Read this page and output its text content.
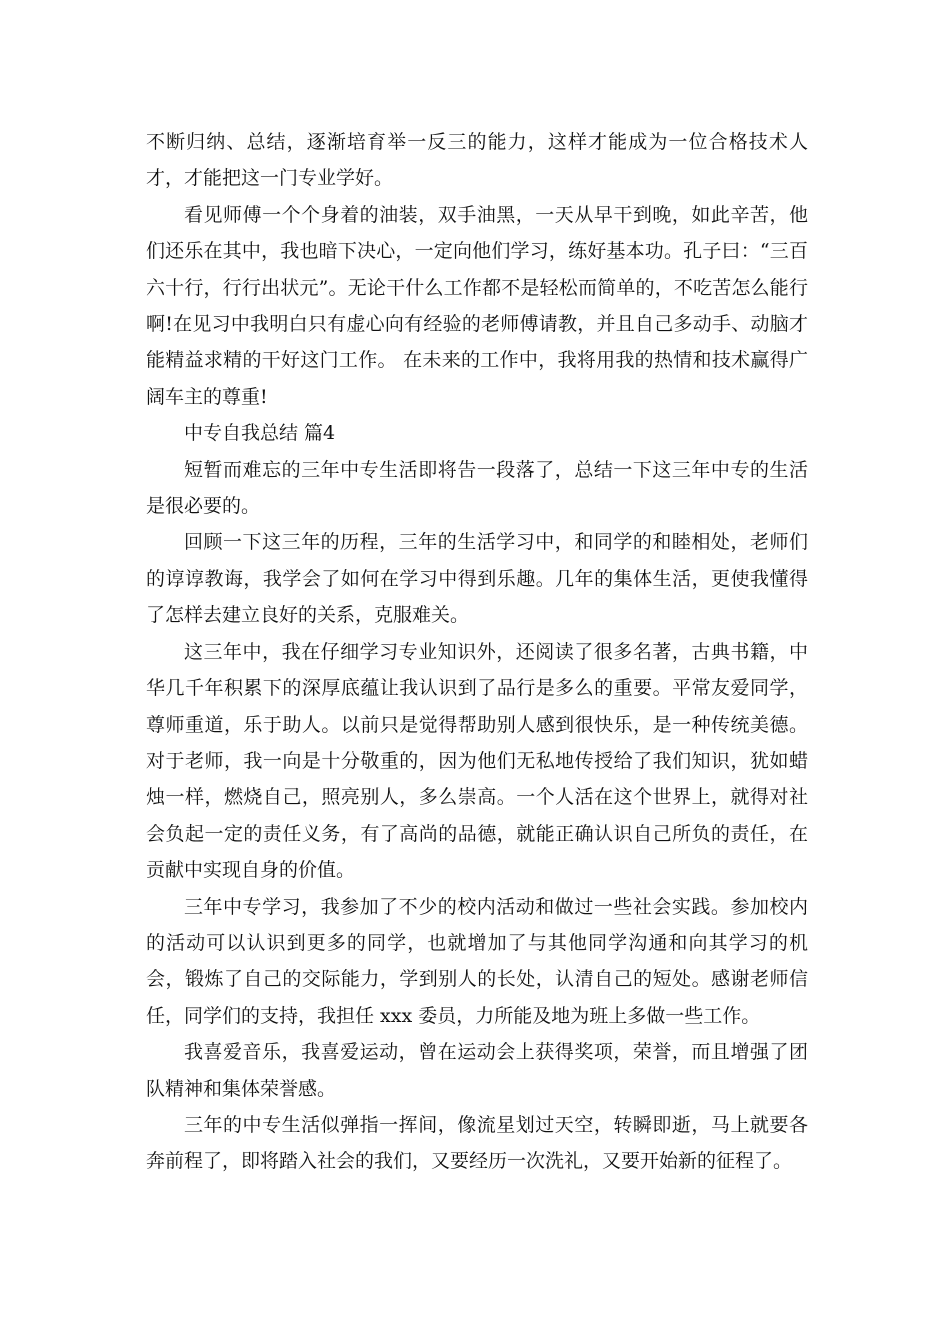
不断归纳、总结，逐渐培育举一反三的能力，这样才能成为一位合格技术人才，才能把这一门专业学好。

看见师傅一个个身着的油装，双手油黑，一天从早干到晚，如此辛苦，他们还乐在其中，我也暗下决心，一定向他们学习，练好基本功。孔子曰：“三百六十行，行行出状元”。无论干什么工作都不是轻松而简单的，不吃苦怎么能行啊!在见习中我明白只有虚心向有经验的老师傅请教，并且自己多动手、动脑才能精益求精的干好这门工作。 在未来的工作中，我将用我的热情和技术赢得广阔车主的尊重!

中专自我总结 篇4

短暂而难忘的三年中专生活即将告一段落了，总结一下这三年中专的生活是很必要的。

回顾一下这三年的历程，三年的生活学习中，和同学的和睦相处，老师们的谆谆教诲，我学会了如何在学习中得到乐趣。几年的集体生活，更使我懂得了怎样去建立良好的关系，克服难关。

这三年中，我在仔细学习专业知识外，还阅读了很多名著，古典书籍，中华几千年积累下的深厚底蕴让我认识到了品行是多么的重要。平常友爱同学，尊师重道，乐于助人。以前只是觉得帮助别人感到很快乐，是一种传统美德。对于老师，我一向是十分敬重的，因为他们无私地传授给了我们知识，犹如蜡烛一样，燃烧自己，照亮别人，多么崇高。一个人活在这个世界上，就得对社会负起一定的责任义务，有了高尚的品德，就能正确认识自己所负的责任，在贡献中实现自身的价值。

三年中专学习，我参加了不少的校内活动和做过一些社会实践。参加校内的活动可以认识到更多的同学，也就增加了与其他同学沟通和向其学习的机会，锻炼了自己的交际能力，学到别人的长处，认清自己的短处。感谢老师信任，同学们的支持，我担任 xxx 委员，力所能及地为班上多做一些工作。

我喜爱音乐，我喜爱运动，曾在运动会上获得奖项，荣誉，而且增强了团队精神和集体荣誉感。

三年的中专生活似弹指一挥间，像流星划过天空，转瞬即逝，马上就要各奔前程了，即将踏入社会的我们，又要经历一次洗礼，又要开始新的征程了。
